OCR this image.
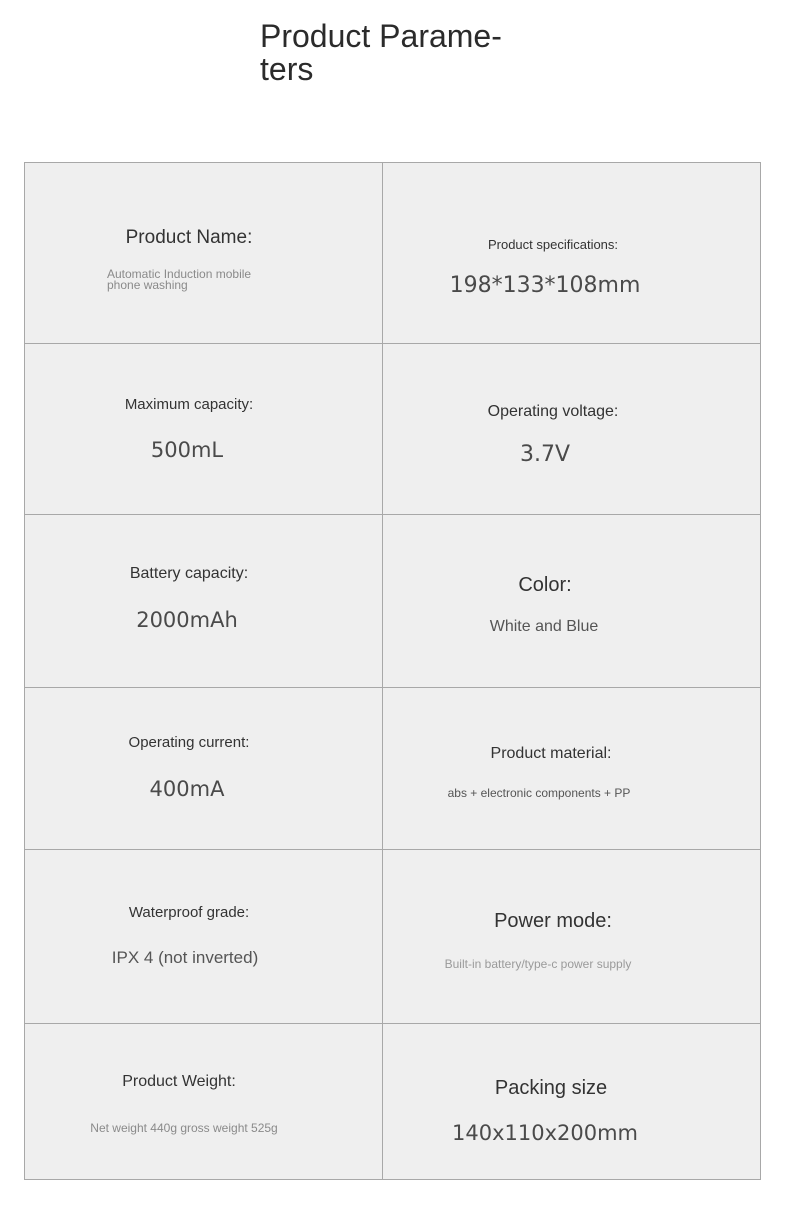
Product Parame-
ters
Product Name:
Automatic Induction mobile
phone washing
Product specifications:
198*133*108mm
Maximum capacity:
500mL
Operating voltage:
3.7V
Battery capacity:
2000mAh
Color:
White and Blue
Operating current:
400mA
Product material:
abs + electronic components + PP
Waterproof grade:
IPX 4 (not inverted)
Power mode:
Built-in battery/type-c power supply
Product Weight:
Net weight 440g gross weight 525g
Packing size
140x110x200mm
